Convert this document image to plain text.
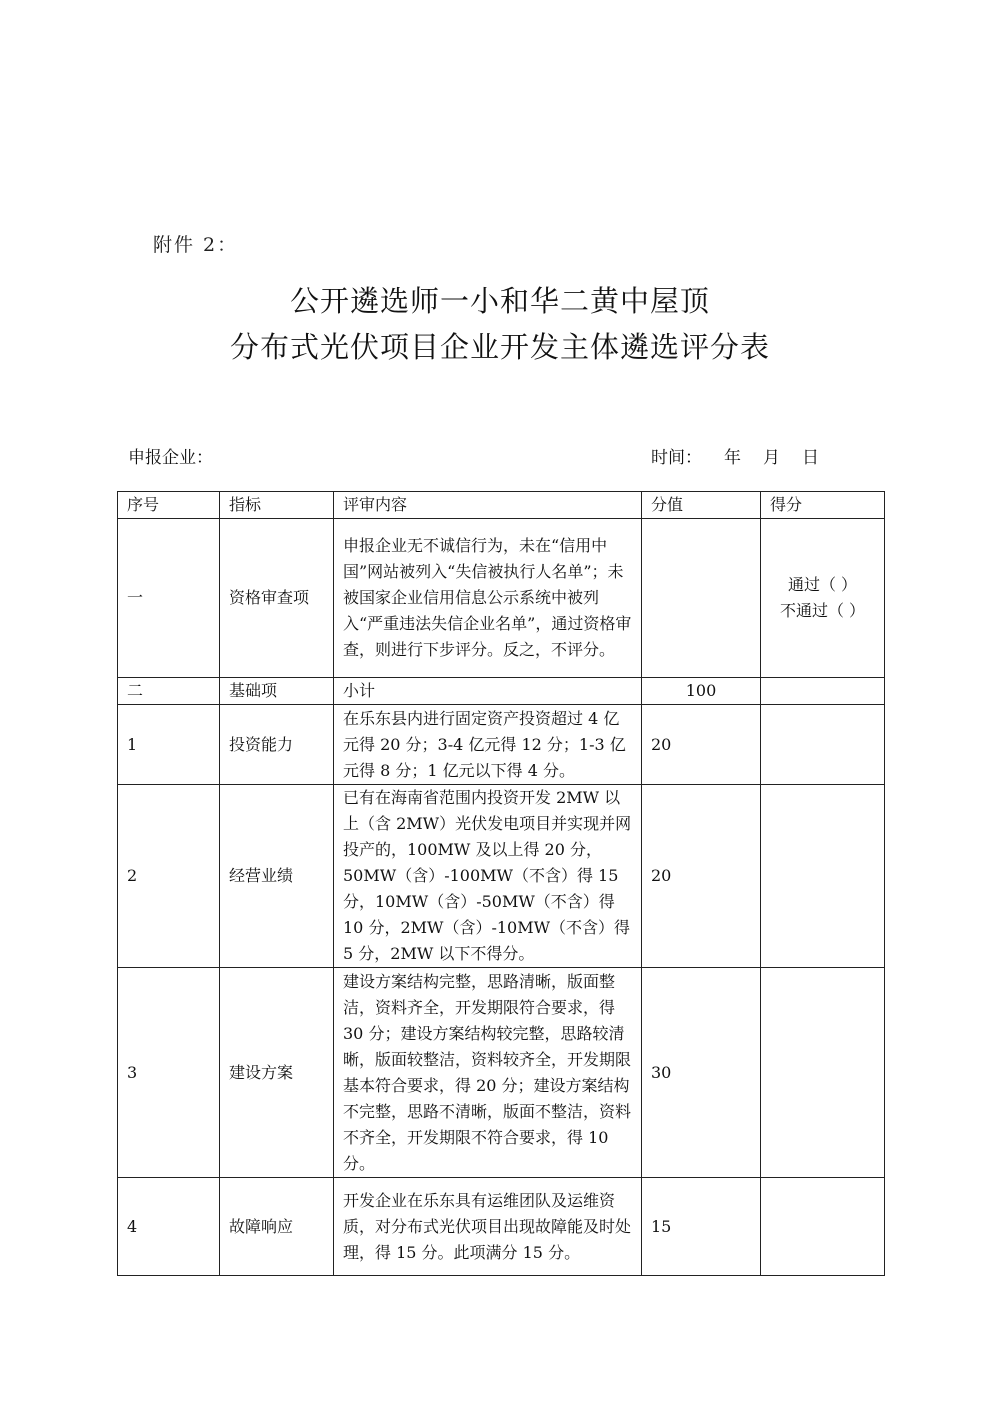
附件 2：
公开遴选师一小和华二黄中屋顶
分布式光伏项目企业开发主体遴选评分表
申报企业：	时间： 年 月 日
序号	指标	评审内容	分值	得分
一	资格审查项	申报企业无不诚信行为，未在“信用中国”网站被列入“失信被执行人名单”；未被国家企业信用信息公示系统中被列入“严重违法失信企业名单”，通过资格审查，则进行下步评分。反之，不评分。		通过（ ）
不通过（ ）

二	基础项	小计	100	
1	投资能力	在乐东县内进行固定资产投资超过 4 亿元得 20 分；3-4 亿元得 12 分；1-3 亿元得 8 分；1 亿元以下得 4 分。	20	
2	经营业绩	已有在海南省范围内投资开发 2MW 以上（含 2MW）光伏发电项目并实现并网投产的，100MW 及以上得 20 分，50MW（含）-100MW（不含）得 15 分，10MW（含）-50MW（不含）得 10 分，2MW（含）-10MW（不含）得 5 分，2MW 以下不得分。	20	
3	建设方案	建设方案结构完整，思路清晰，版面整洁，资料齐全，开发期限符合要求，得 30 分；建设方案结构较完整，思路较清晰，版面较整洁，资料较齐全，开发期限基本符合要求，得 20 分；建设方案结构不完整，思路不清晰，版面不整洁，资料不齐全，开发期限不符合要求，得 10 分。	30	
4	故障响应	开发企业在乐东具有运维团队及运维资质，对分布式光伏项目出现故障能及时处理，得 15 分。此项满分 15 分。	15	
